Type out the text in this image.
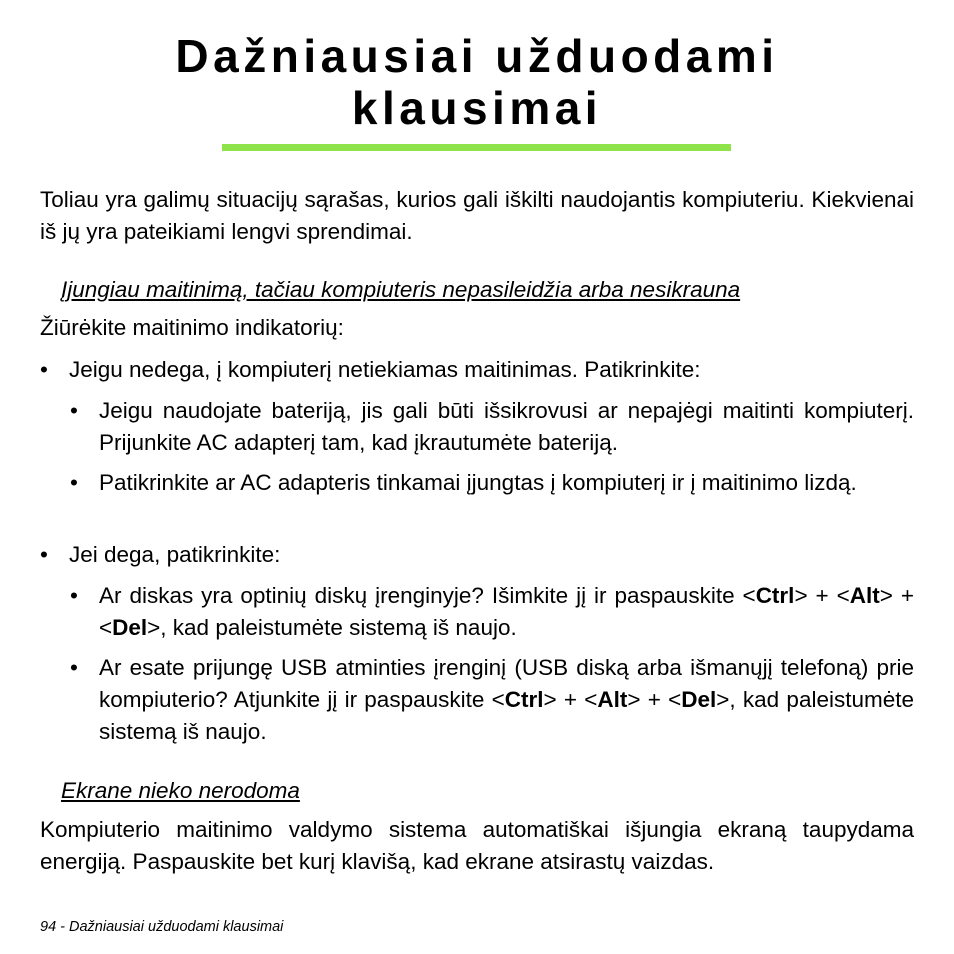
Dažniausiai užduodami
klausimai

Toliau yra galimų situacijų sąrašas, kurios gali iškilti naudojantis kompiuteriu. Kiekvienai iš jų yra pateikiami lengvi sprendimai.

Įjungiau maitinimą, tačiau kompiuteris nepasileidžia arba nesikrauna

Žiūrėkite maitinimo indikatorių:

• Jeigu nedega, į kompiuterį netiekiamas maitinimas. Patikrinkite:
• Jeigu naudojate bateriją, jis gali būti išsikrovusi ar nepajėgi maitinti kompiuterį. Prijunkite AC adapterį tam, kad įkrautumėte bateriją.
• Patikrinkite ar AC adapteris tinkamai įjungtas į kompiuterį ir į maitinimo lizdą.
• Jei dega, patikrinkite:
• Ar diskas yra optinių diskų įrenginyje? Išimkite jį ir paspauskite <Ctrl> + <Alt> + <Del>, kad paleistumėte sistemą iš naujo.
• Ar esate prijungę USB atminties įrenginį (USB diską arba išmanųjį telefoną) prie kompiuterio? Atjunkite jį ir paspauskite <Ctrl> + <Alt> + <Del>, kad paleistumėte sistemą iš naujo.

Ekrane nieko nerodoma

Kompiuterio maitinimo valdymo sistema automatiškai išjungia ekraną taupydama energiją. Paspauskite bet kurį klavišą, kad ekrane atsirastų vaizdas.

94 - Dažniausiai užduodami klausimai
